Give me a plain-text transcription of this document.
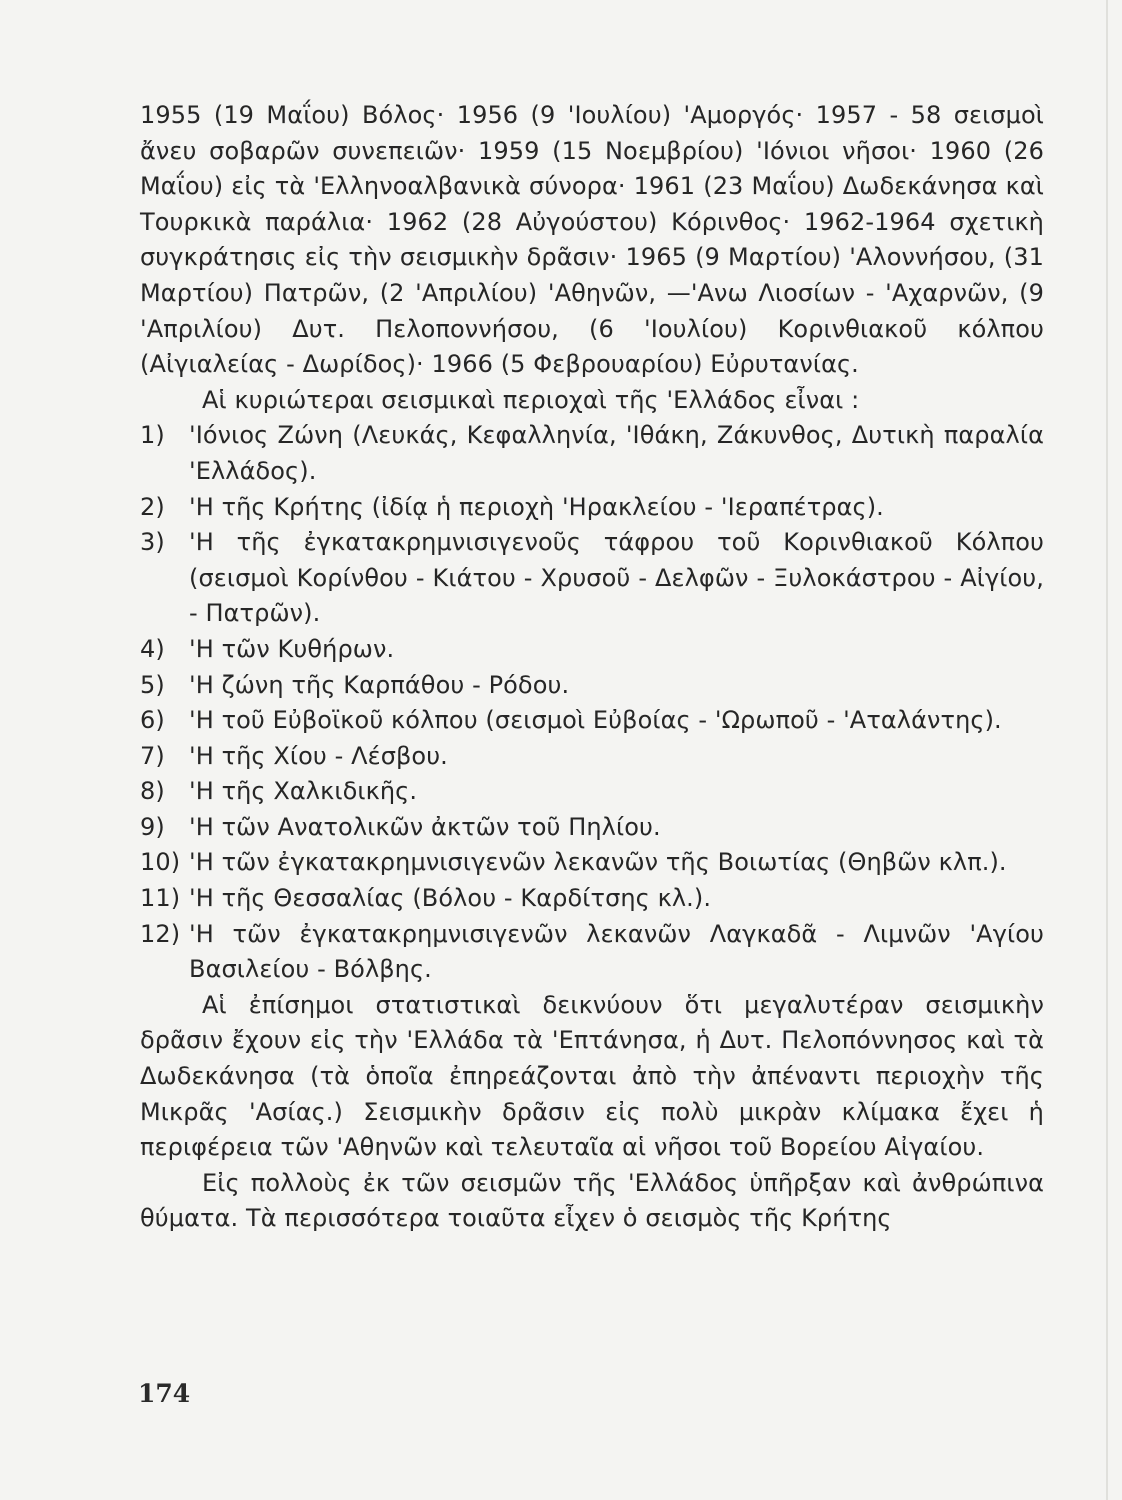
1955 (19 Μαΐου) Βόλος· 1956 (9 'Ιουλίου) 'Αμοργός· 1957 - 58 σεισμοὶ ἄνευ σοβαρῶν συνεπειῶν· 1959 (15 Νοεμβρίου) 'Ιόνιοι νῆσοι· 1960 (26 Μαΐου) εἰς τὰ 'Ελληνοαλβανικὰ σύνορα· 1961 (23 Μαΐου) Δωδεκάνησα καὶ Τουρκικὰ παράλια· 1962 (28 Αὐγούστου) Κόρινθος· 1962-1964 σχετικὴ συγκράτησις εἰς τὴν σεισμικὴν δρᾶσιν· 1965 (9 Μαρτίου) 'Αλοννήσου, (31 Μαρτίου) Πατρῶν, (2 'Απριλίου) 'Αθηνῶν, —'Ανω Λιοσίων - 'Αχαρνῶν, (9 'Απριλίου) Δυτ. Πελοποννήσου, (6 'Ιουλίου) Κορινθιακοῦ κόλπου (Αἰγιαλείας - Δωρίδος)· 1966 (5 Φεβρουαρίου) Εὐρυτανίας.

Αἱ κυριώτεραι σεισμικαὶ περιοχαὶ τῆς 'Ελλάδος εἶναι :

1)	'Ιόνιος Ζώνη (Λευκάς, Κεφαλληνία, 'Ιθάκη, Ζάκυνθος, Δυτικὴ παραλία 'Ελλάδος).
2)	'Η τῆς Κρήτης (ἰδίᾳ ἡ περιοχὴ 'Ηρακλείου - 'Ιεραπέτρας).
3)	'Η τῆς ἐγκατακρημνισιγενοῦς τάφρου τοῦ Κορινθιακοῦ Κόλπου (σεισμοὶ Κορίνθου - Κιάτου - Χρυσοῦ - Δελφῶν - Ξυλοκάστρου - Αἰγίου, - Πατρῶν).
4)	'Η τῶν Κυθήρων.
5)	'Η ζώνη τῆς Καρπάθου - Ρόδου.
6)	'Η τοῦ Εὐβοϊκοῦ κόλπου (σεισμοὶ Εὐβοίας - 'Ωρωποῦ - 'Αταλάντης).
7)	'Η τῆς Χίου - Λέσβου.
8)	'Η τῆς Χαλκιδικῆς.
9)	'Η τῶν Ανατολικῶν ἀκτῶν τοῦ Πηλίου.
10) 'Η τῶν ἐγκατακρημνισιγενῶν λεκανῶν τῆς Βοιωτίας (Θηβῶν κλπ.).
11) 'Η τῆς Θεσσαλίας (Βόλου - Καρδίτσης κλ.).
12) 'Η τῶν ἐγκατακρημνισιγενῶν λεκανῶν Λαγκαδᾶ - Λιμνῶν 'Αγίου Βασιλείου - Βόλβης.

Αἱ ἐπίσημοι στατιστικαὶ δεικνύουν ὅτι μεγαλυτέραν σεισμικὴν δρᾶσιν ἔχουν εἰς τὴν 'Ελλάδα τὰ 'Επτάνησα, ἡ Δυτ. Πελοπόννησος καὶ τὰ Δωδεκάνησα (τὰ ὁποῖα ἐπηρεάζονται ἀπὸ τὴν ἀπέναντι περιοχὴν τῆς Μικρᾶς 'Ασίας.) Σεισμικὴν δρᾶσιν εἰς πολὺ μικρὰν κλίμακα ἔχει ἡ περιφέρεια τῶν 'Αθηνῶν καὶ τελευταῖα αἱ νῆσοι τοῦ Βορείου Αἰγαίου.

Εἰς πολλοὺς ἐκ τῶν σεισμῶν τῆς 'Ελλάδος ὑπῆρξαν καὶ ἀνθρώπινα θύματα. Τὰ περισσότερα τοιαῦτα εἶχεν ὁ σεισμὸς τῆς Κρήτης

174
